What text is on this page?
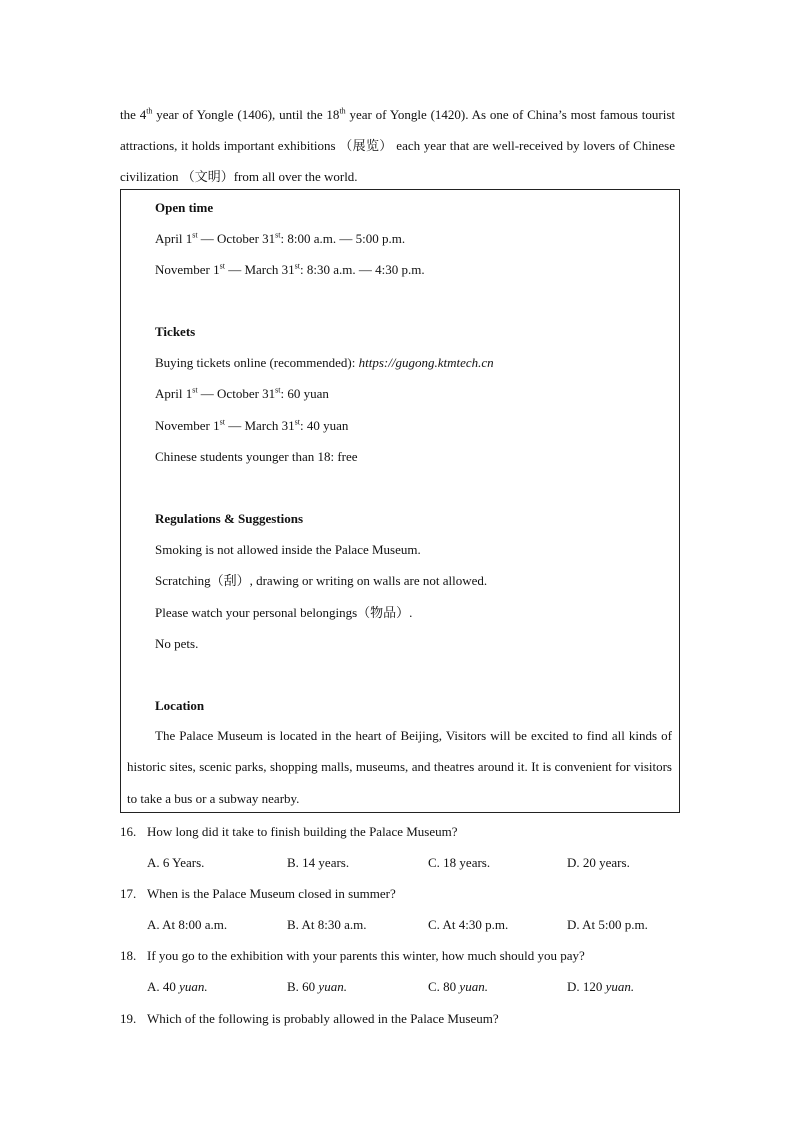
the 4th year of Yongle (1406), until the 18th year of Yongle (1420). As one of China’s most famous tourist attractions, it holds important exhibitions （展览） each year that are well-received by lovers of Chinese civilization （文明）from all over the world.

Open time
April 1st — October 31st: 8:00 a.m. — 5:00 p.m.
November 1st — March 31st: 8:30 a.m. — 4:30 p.m.
Tickets
Buying tickets online (recommended): https://gugong.ktmtech.cn
April 1st — October 31st: 60 yuan
November 1st — March 31st: 40 yuan
Chinese students younger than 18: free
Regulations & Suggestions
Smoking is not allowed inside the Palace Museum.
Scratching（刮）, drawing or writing on walls are not allowed.
Please watch your personal belongings（物品）.
No pets.
Location

The Palace Museum is located in the heart of Beijing, Visitors will be excited to find all kinds of historic sites, scenic parks, shopping malls, museums, and theatres around it. It is convenient for visitors to take a bus or a subway nearby.

16. How long did it take to finish building the Palace Museum?
A. 6 Years.	B. 14 years.	C. 18 years.	D. 20 years.
17. When is the Palace Museum closed in summer?
A. At 8:00 a.m.	B. At 8:30 a.m.	C. At 4:30 p.m.	D. At 5:00 p.m.
18. If you go to the exhibition with your parents this winter, how much should you pay?
A. 40 yuan.	B. 60 yuan.	C. 80 yuan.	D. 120 yuan.
19. Which of the following is probably allowed in the Palace Museum?
